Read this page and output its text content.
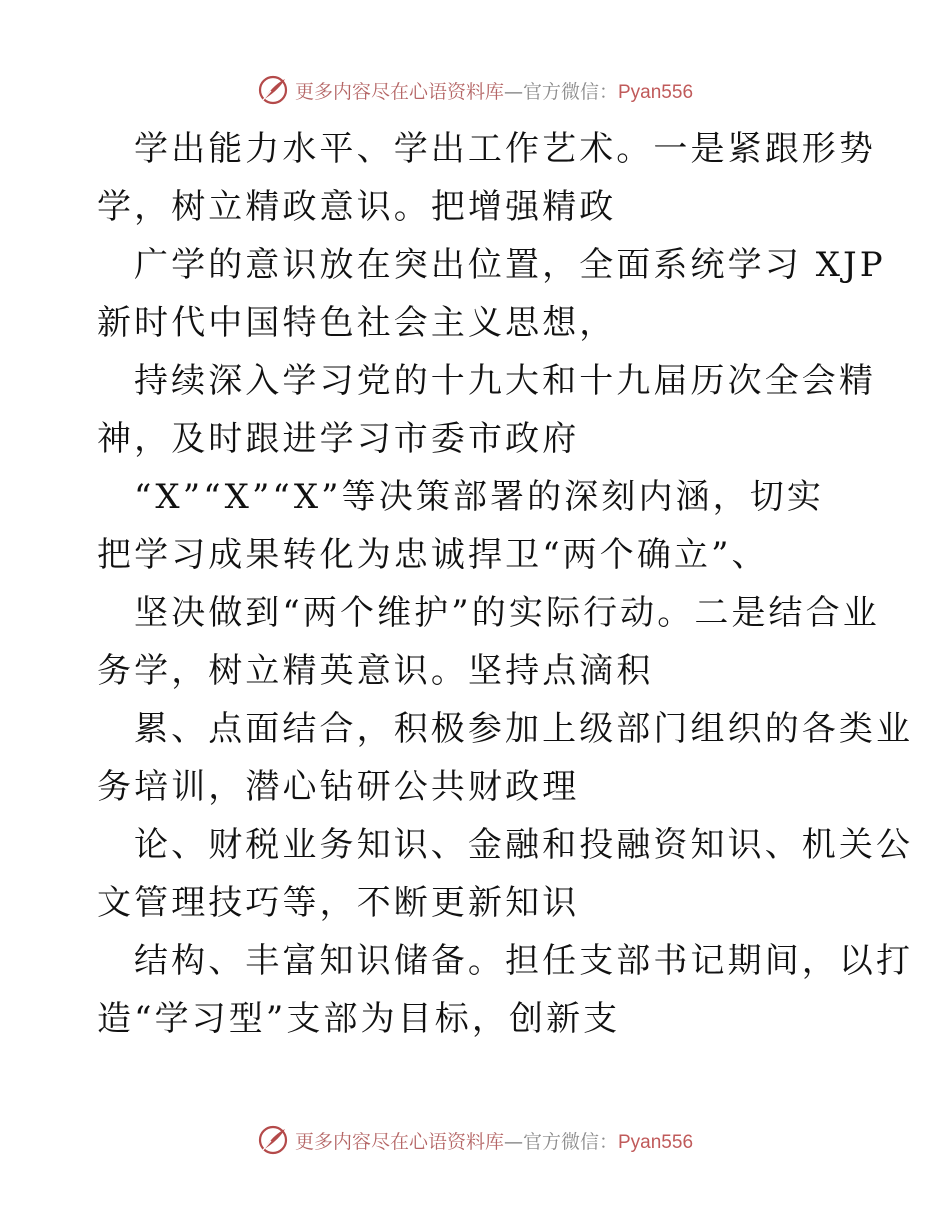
更多内容尽在心语资料库—官方微信：Pyan556
学出能力水平、学出工作艺术。一是紧跟形势
学，树立精政意识。把增强精政
广学的意识放在突出位置，全面系统学习 XJP
新时代中国特色社会主义思想，
持续深入学习党的十九大和十九届历次全会精
神，及时跟进学习市委市政府
“X”“X”“X”等决策部署的深刻内涵，切实
把学习成果转化为忠诚捍卫“两个确立”、
坚决做到“两个维护”的实际行动。二是结合业
务学，树立精英意识。坚持点滴积
累、点面结合，积极参加上级部门组织的各类业
务培训，潜心钻研公共财政理
论、财税业务知识、金融和投融资知识、机关公
文管理技巧等，不断更新知识
结构、丰富知识储备。担任支部书记期间，以打
造“学习型”支部为目标，创新支
更多内容尽在心语资料库—官方微信：Pyan556
